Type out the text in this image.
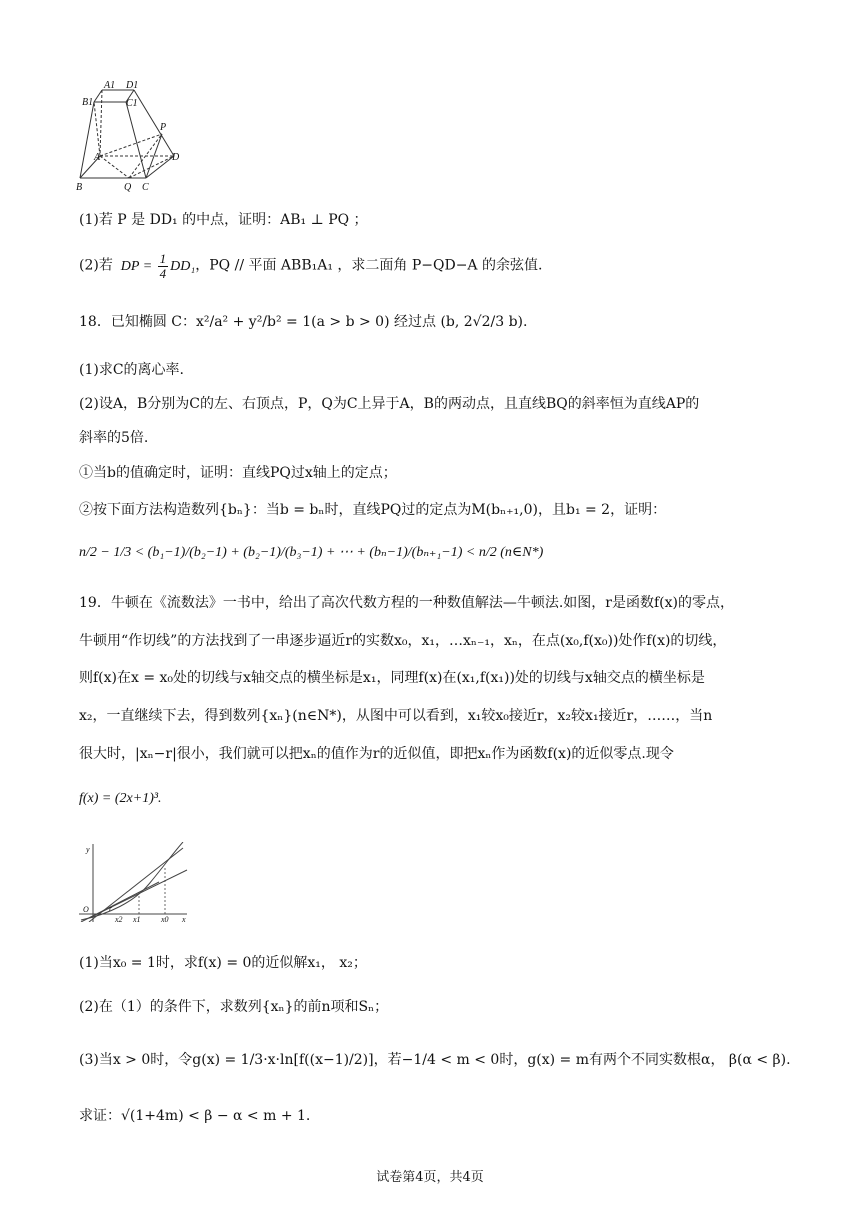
A1 D1
B1	C1
P
A	D
B	Q C
(1)若 P 是 DD₁ 的中点，证明：AB₁ ⊥ PQ ；
(2)若  DP = $\frac{1}{4} DD_1$，PQ // 平面 ABB₁A₁ ，求二面角 P−QD−A 的余弦值.
18．已知椭圆 C：x²/a² + y²/b² = 1(a > b > 0) 经过点 (b, 2√2/3 b).
(1)求C的离心率.
(2)设A，B分别为C的左、右顶点，P，Q为C上异于A，B的两动点，且直线BQ的斜率恒为直线AP的
斜率的5倍.
①当b的值确定时，证明：直线PQ过x轴上的定点；
②按下面方法构造数列{bₙ}：当b = bₙ时，直线PQ过的定点为M(bₙ₊₁,0)，且b₁ = 2，证明：
n/2 − 1/3 < (b₁−1)/(b₂−1) + (b₂−1)/(b₃−1) + ⋯ + (bₙ−1)/(bₙ₊₁−1) < n/2 (n∈N*)
19．牛顿在《流数法》一书中，给出了高次代数方程的一种数值解法—牛顿法.如图，r是函数f(x)的零点，
牛顿用“作切线”的方法找到了一串逐步逼近r的实数x₀，x₁，…xₙ₋₁，xₙ，在点(x₀,f(x₀))处作f(x)的切线，
则f(x)在x = x₀处的切线与x轴交点的横坐标是x₁，同理f(x)在(x₁,f(x₁))处的切线与x轴交点的横坐标是
x₂，一直继续下去，得到数列{xₙ}(n∈N*)，从图中可以看到，x₁较x₀接近r，x₂较x₁接近r，……，当n
很大时，|xₙ−r|很小，我们就可以把xₙ的值作为r的近似值，即把xₙ作为函数f(x)的近似零点.现令
f(x) = (2x+1)³.
y
O	r
x2 x1	x0 x
(1)当x₀ = 1时，求f(x) = 0的近似解x₁， x₂；
(2)在（1）的条件下，求数列{xₙ}的前n项和Sₙ；
(3)当x > 0时，令g(x) = 1/3·x·ln[f((x−1)/2)]，若−1/4 < m < 0时，g(x) = m有两个不同实数根α， β(α < β).
求证：√(1+4m) < β − α < m + 1.
试卷第4页，共4页
